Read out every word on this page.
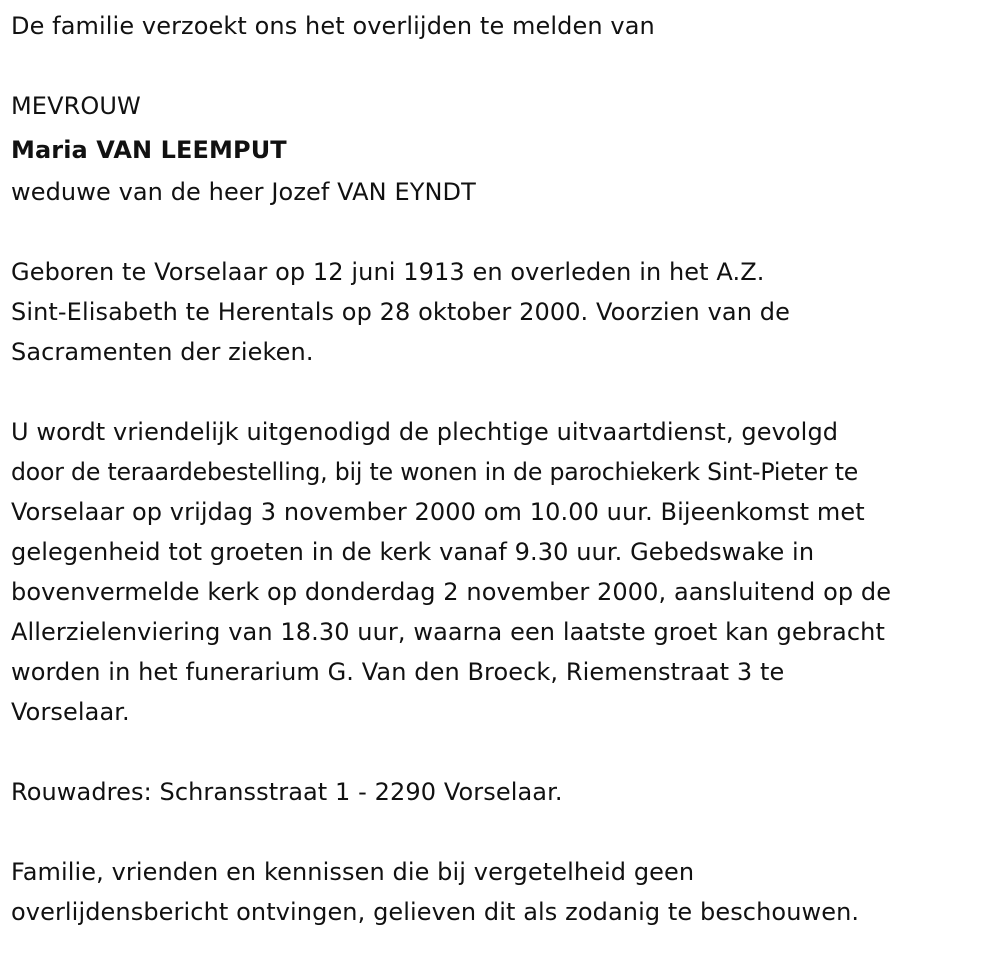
De familie verzoekt ons het overlijden te melden van

MEVROUW

Maria VAN LEEMPUT

weduwe van de heer Jozef VAN EYNDT

Geboren te Vorselaar op 12 juni 1913 en overleden in het A.Z.

Sint-Elisabeth te Herentals op 28 oktober 2000. Voorzien van de

Sacramenten der zieken.

U wordt vriendelijk uitgenodigd de plechtige uitvaartdienst, gevolgd

door de teraardebestelling, bij te wonen in de parochiekerk Sint-Pieter te

Vorselaar op vrijdag 3 november 2000 om 10.00 uur. Bijeenkomst met

gelegenheid tot groeten in de kerk vanaf 9.30 uur. Gebedswake in

bovenvermelde kerk op donderdag 2 november 2000, aansluitend op de

Allerzielenviering van 18.30 uur, waarna een laatste groet kan gebracht

worden in het funerarium G. Van den Broeck, Riemenstraat 3 te

Vorselaar.

Rouwadres: Schransstraat 1 - 2290 Vorselaar.

Familie, vrienden en kennissen die bij vergetelheid geen

overlijdensbericht ontvingen, gelieven dit als zodanig te beschouwen.
